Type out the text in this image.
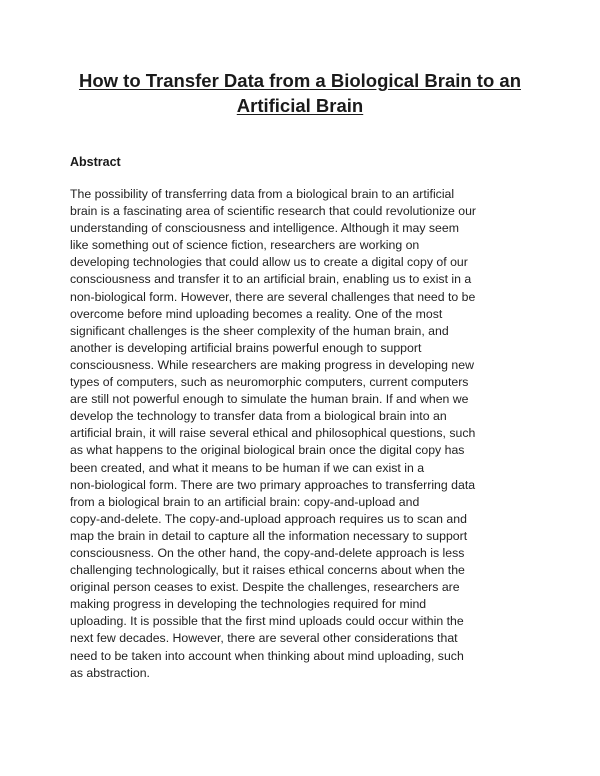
How to Transfer Data from a Biological Brain to an
Artificial Brain
Abstract

The possibility of transferring data from a biological brain to an artificial
brain is a fascinating area of scientific research that could revolutionize our
understanding of consciousness and intelligence. Although it may seem
like something out of science fiction, researchers are working on
developing technologies that could allow us to create a digital copy of our
consciousness and transfer it to an artificial brain, enabling us to exist in a
non-biological form. However, there are several challenges that need to be
overcome before mind uploading becomes a reality. One of the most
significant challenges is the sheer complexity of the human brain, and
another is developing artificial brains powerful enough to support
consciousness. While researchers are making progress in developing new
types of computers, such as neuromorphic computers, current computers
are still not powerful enough to simulate the human brain. If and when we
develop the technology to transfer data from a biological brain into an
artificial brain, it will raise several ethical and philosophical questions, such
as what happens to the original biological brain once the digital copy has
been created, and what it means to be human if we can exist in a
non-biological form. There are two primary approaches to transferring data
from a biological brain to an artificial brain: copy-and-upload and
copy-and-delete. The copy-and-upload approach requires us to scan and
map the brain in detail to capture all the information necessary to support
consciousness. On the other hand, the copy-and-delete approach is less
challenging technologically, but it raises ethical concerns about when the
original person ceases to exist. Despite the challenges, researchers are
making progress in developing the technologies required for mind
uploading. It is possible that the first mind uploads could occur within the
next few decades. However, there are several other considerations that
need to be taken into account when thinking about mind uploading, such
as abstraction.
